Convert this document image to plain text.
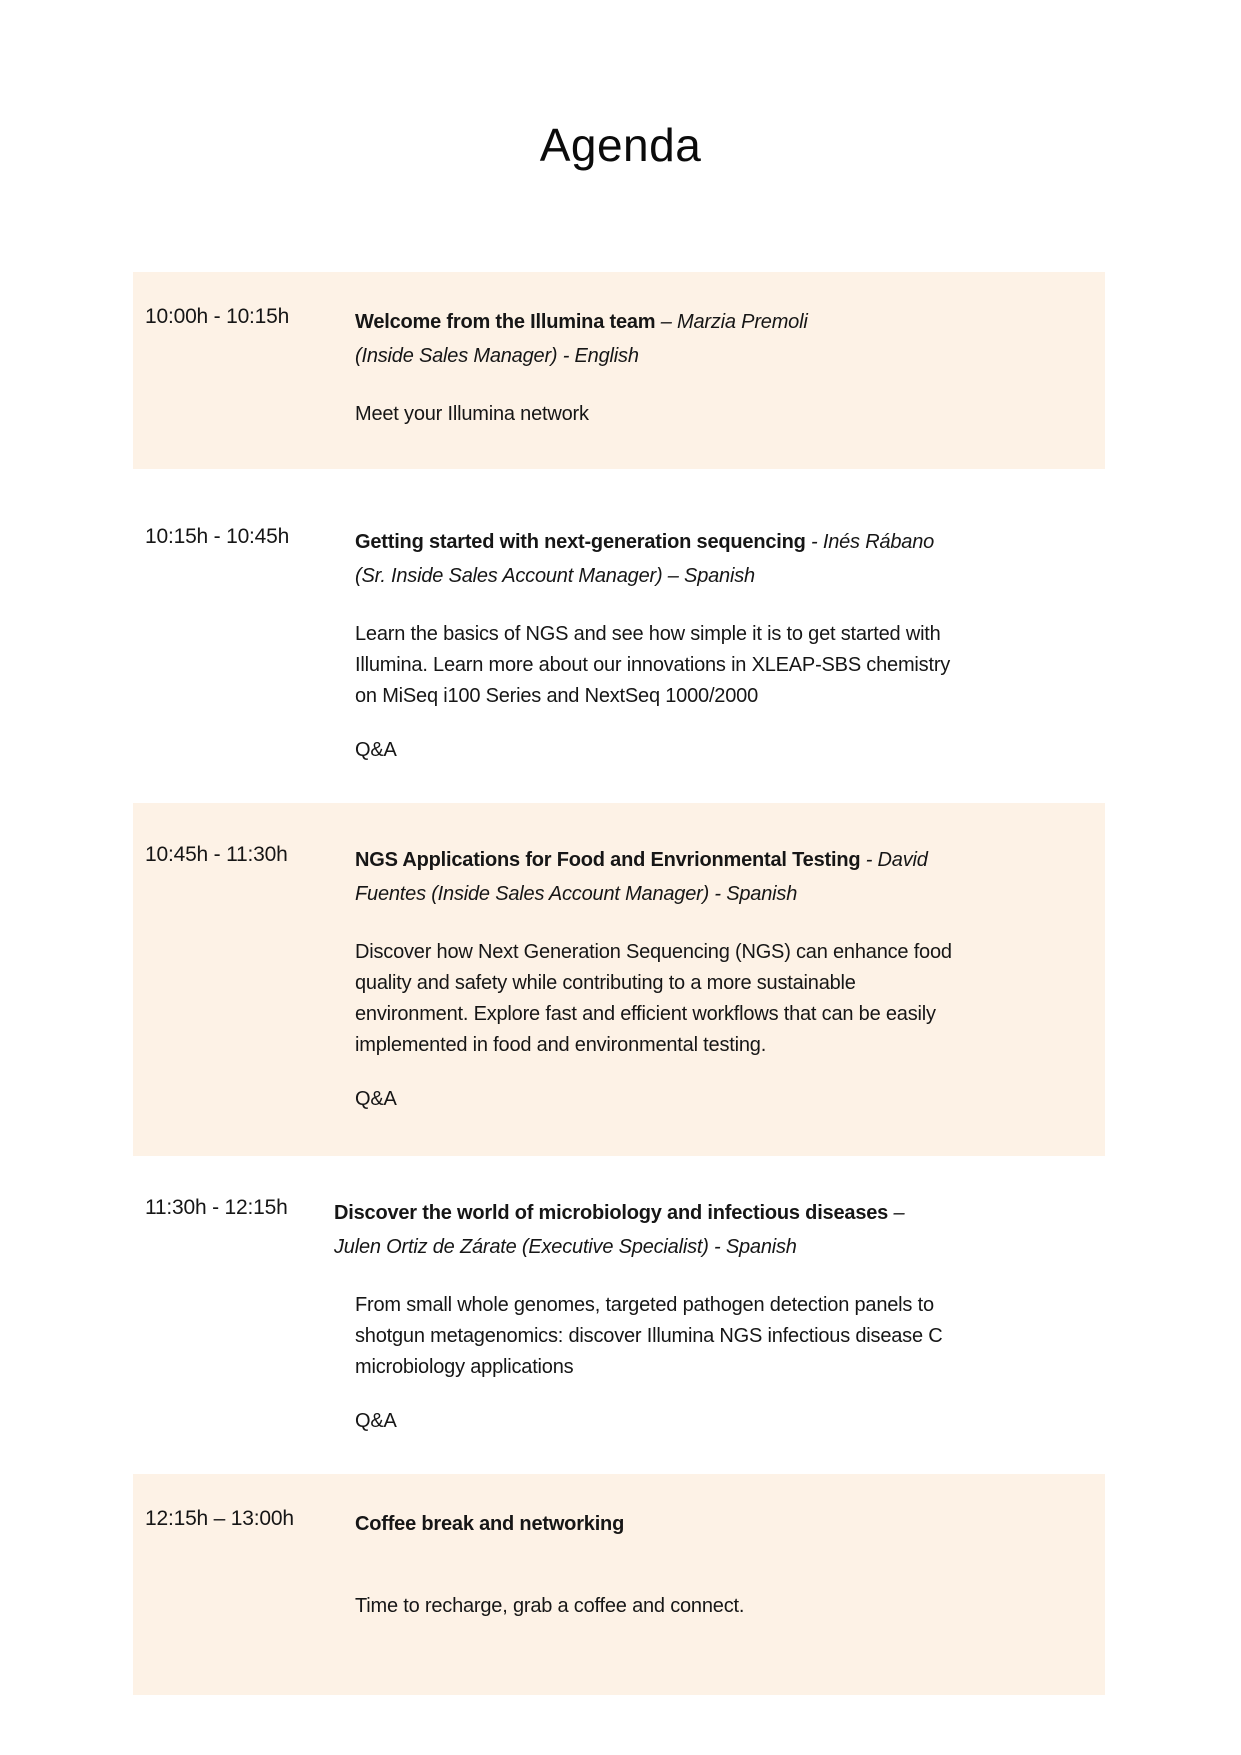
Agenda
10:00h - 10:15h	Welcome from the Illumina team – Marzia Premoli
(Inside Sales Manager) - English
Meet your Illumina network
10:15h - 10:45h	Getting started with next-generation sequencing - Inés Rábano
(Sr. Inside Sales Account Manager) – Spanish
Learn the basics of NGS and see how simple it is to get started with
Illumina. Learn more about our innovations in XLEAP-SBS chemistry
on MiSeq i100 Series and NextSeq 1000/2000
Q&A
10:45h - 11:30h	NGS Applications for Food and Envrionmental Testing - David
Fuentes (Inside Sales Account Manager) - Spanish
Discover how Next Generation Sequencing (NGS) can enhance food
quality and safety while contributing to a more sustainable
environment. Explore fast and efficient workflows that can be easily
implemented in food and environmental testing.
Q&A
11:30h - 12:15h	Discover the world of microbiology and infectious diseases –
Julen Ortiz de Zárate (Executive Specialist) - Spanish
From small whole genomes, targeted pathogen detection panels to
shotgun metagenomics: discover Illumina NGS infectious disease C
microbiology applications
Q&A
12:15h – 13:00h	Coffee break and networking
Time to recharge, grab a coffee and connect.
